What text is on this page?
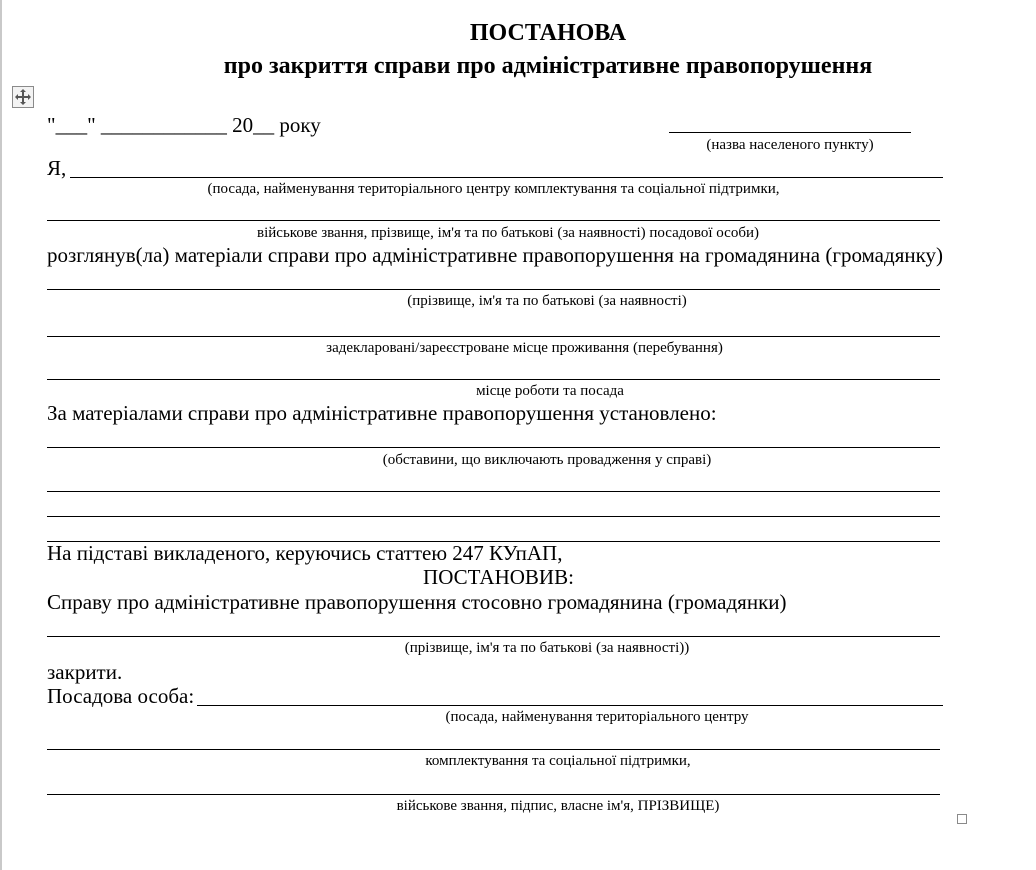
ПОСТАНОВА
про закриття справи про адміністративне правопорушення
"___" ____________ 20__ року
(назва населеного пункту)
Я,
(посада, найменування територіального центру комплектування та соціальної підтримки,
військове звання, прізвище, ім'я та по батькові (за наявності) посадової особи)
розглянув(ла) матеріали справи про адміністративне правопорушення на громадянина (громадянку)
(прізвище, ім'я та по батькові (за наявності)
задекларовані/зареєстроване місце проживання (перебування)
місце роботи та посада
За матеріалами справи про адміністративне правопорушення установлено:
(обставини, що виключають провадження у справі)
На підставі викладеного, керуючись статтею 247 КУпАП,
ПОСТАНОВИВ:
Справу про адміністративне правопорушення стосовно громадянина (громадянки)
(прізвище, ім'я та по батькові (за наявності))
закрити.
Посадова особа:
(посада, найменування територіального центру
комплектування та соціальної підтримки,
військове звання, підпис, власне ім'я, ПРІЗВИЩЕ)
